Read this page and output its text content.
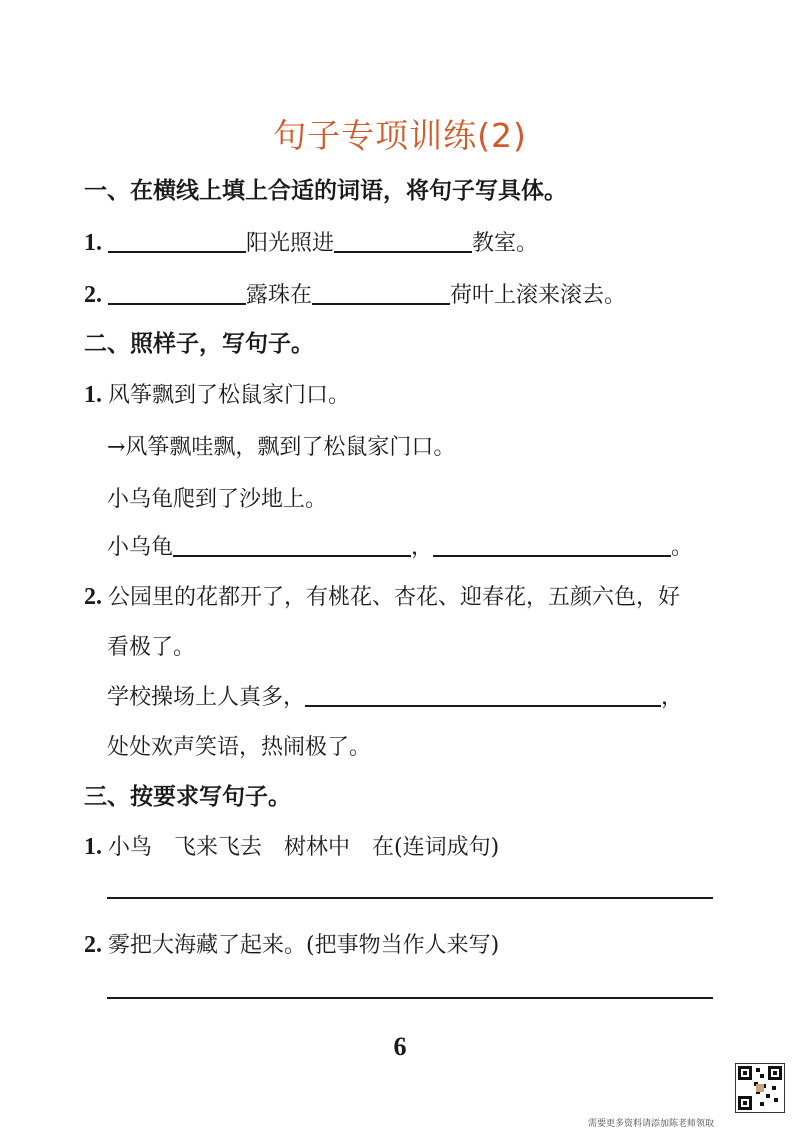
句子专项训练(2)
一、在横线上填上合适的词语，将句子写具体。
1.	阳光照进	教室。
2.	露珠在	荷叶上滚来滚去。
二、照样子，写句子。
1. 风筝飘到了松鼠家门口。
→风筝飘哇飘，飘到了松鼠家门口。
小乌龟爬到了沙地上。
小乌龟	，	。
2. 公园里的花都开了，有桃花、杏花、迎春花，五颜六色，好
看极了。
学校操场上人真多，	，
处处欢声笑语，热闹极了。
三、按要求写句子。
1. 小鸟　飞来飞去　树林中　在(连词成句)
2. 雾把大海藏了起来。(把事物当作人来写)
6
需要更多资料请添加陈老师领取
